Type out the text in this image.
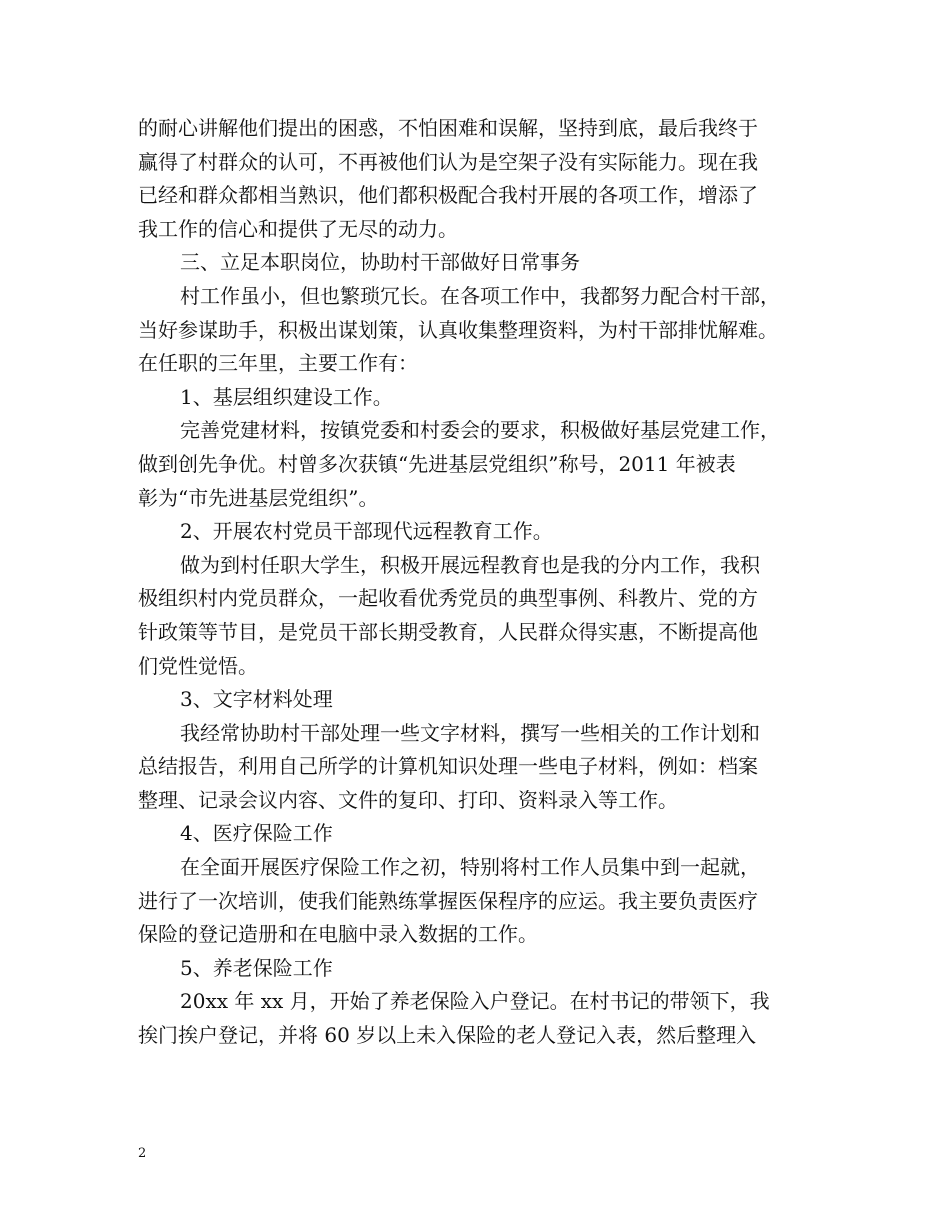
的耐心讲解他们提出的困惑，不怕困难和误解，坚持到底，最后我终于
赢得了村群众的认可，不再被他们认为是空架子没有实际能力。现在我
已经和群众都相当熟识，他们都积极配合我村开展的各项工作，增添了
我工作的信心和提供了无尽的动力。
三、立足本职岗位，协助村干部做好日常事务
村工作虽小，但也繁琐冗长。在各项工作中，我都努力配合村干部，
当好参谋助手，积极出谋划策，认真收集整理资料，为村干部排忧解难。
在任职的三年里，主要工作有：
1、基层组织建设工作。
完善党建材料，按镇党委和村委会的要求，积极做好基层党建工作，
做到创先争优。村曾多次获镇“先进基层党组织”称号，2011 年被表
彰为“市先进基层党组织”。
2、开展农村党员干部现代远程教育工作。
做为到村任职大学生，积极开展远程教育也是我的分内工作，我积
极组织村内党员群众，一起收看优秀党员的典型事例、科教片、党的方
针政策等节目，是党员干部长期受教育，人民群众得实惠，不断提高他
们党性觉悟。
3、文字材料处理
我经常协助村干部处理一些文字材料，撰写一些相关的工作计划和
总结报告，利用自己所学的计算机知识处理一些电子材料，例如：档案
整理、记录会议内容、文件的复印、打印、资料录入等工作。
4、医疗保险工作
在全面开展医疗保险工作之初，特别将村工作人员集中到一起就，
进行了一次培训，使我们能熟练掌握医保程序的应运。我主要负责医疗
保险的登记造册和在电脑中录入数据的工作。
5、养老保险工作
20xx 年 xx 月，开始了养老保险入户登记。在村书记的带领下，我
挨门挨户登记，并将 60 岁以上未入保险的老人登记入表，然后整理入
2
